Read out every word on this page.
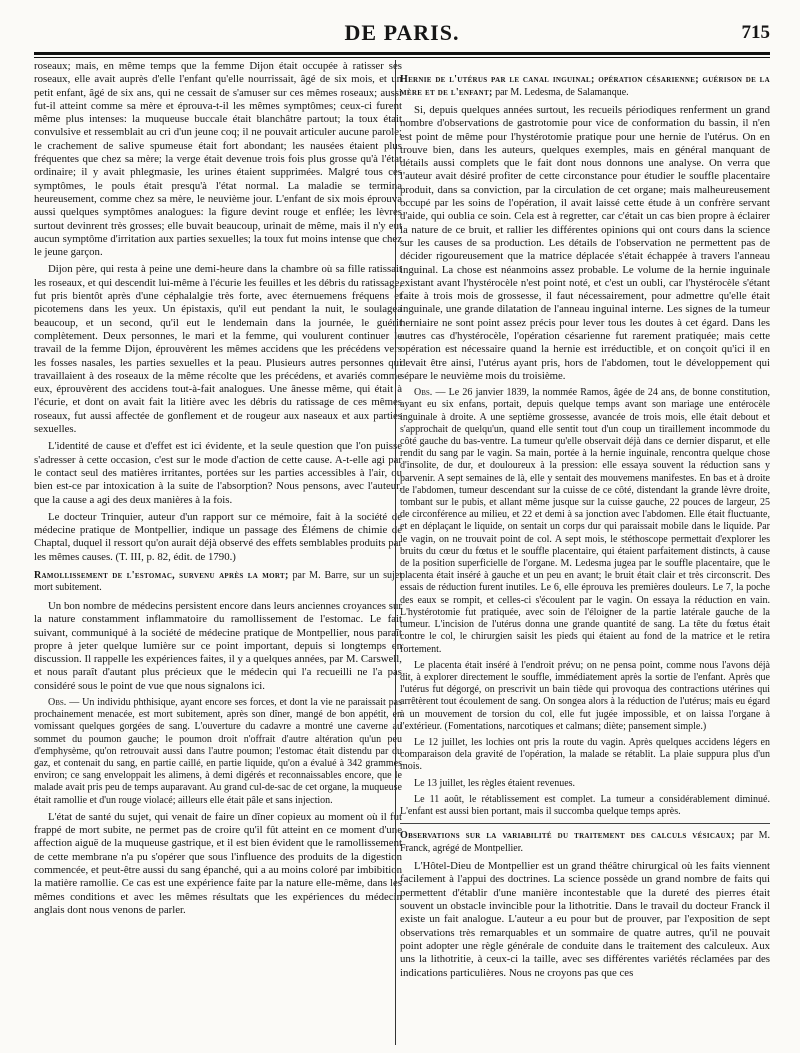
DE PARIS.	715

roseaux; mais, en même temps que la femme Dijon était occupée à ratisser ses roseaux, elle avait auprès d'elle l'enfant qu'elle nourrissait, âgé de six mois, et un petit enfant, âgé de six ans, qui ne cessait de s'amuser sur ces mêmes roseaux; aussi fut-il atteint comme sa mère et éprouva-t-il les mêmes symptômes; ceux-ci furent même plus intenses: la muqueuse buccale était blanchâtre partout; la toux était convulsive et ressemblait au cri d'un jeune coq; il ne pouvait articuler aucune parole; le crachement de salive spumeuse était fort abondant; les nausées étaient plus fréquentes que chez sa mère; la verge était devenue trois fois plus grosse qu'à l'état ordinaire; il y avait phlegmasie, les urines étaient supprimées. Malgré tous ces symptômes, le pouls était presqu'à l'état normal. La maladie se termina heureusement, comme chez sa mère, le neuvième jour. L'enfant de six mois éprouva aussi quelques symptômes analogues: la figure devint rouge et enflée; les lèvres surtout devinrent très grosses; elle buvait beaucoup, urinait de même, mais il n'y eut aucun symptôme d'irritation aux parties sexuelles; la toux fut moins intense que chez le jeune garçon.

Dijon père, qui resta à peine une demi-heure dans la chambre où sa fille ratissait les roseaux, et qui descendit lui-même à l'écurie les feuilles et les débris du ratissage, fut pris bientôt après d'une céphalalgie très forte, avec éternuemens fréquens et picotemens dans les yeux. Un épistaxis, qu'il eut pendant la nuit, le soulagea beaucoup, et un second, qu'il eut le lendemain dans la journée, le guérit complètement. Deux personnes, le mari et la femme, qui voulurent continuer le travail de la femme Dijon, éprouvèrent les mêmes accidens que les précédens vers les fosses nasales, les parties sexuelles et la peau. Plusieurs autres personnes qui travaillaient à des roseaux de la même récolte que les précédens, et avariés comme eux, éprouvèrent des accidens tout-à-fait analogues. Une ânesse même, qui était à l'écurie, et dont on avait fait la litière avec les débris du ratissage de ces mêmes roseaux, fut aussi affectée de gonflement et de rougeur aux naseaux et aux parties sexuelles.

L'identité de cause et d'effet est ici évidente, et la seule question que l'on puisse s'adresser à cette occasion, c'est sur le mode d'action de cette cause. A-t-elle agi par le contact seul des matières irritantes, portées sur les parties accessibles à l'air, ou bien est-ce par intoxication à la suite de l'absorption? Nous pensons, avec l'auteur, que la cause a agi des deux manières à la fois.

Le docteur Trinquier, auteur d'un rapport sur ce mémoire, fait à la société de médecine pratique de Montpellier, indique un passage des Élémens de chimie de Chaptal, duquel il ressort qu'on aurait déjà observé des effets semblables produits par les mêmes causes. (T. III, p. 82, édit. de 1790.)

Ramollissement de l'estomac, survenu après la mort; par M. Barre, sur un sujet mort subitement.

Un bon nombre de médecins persistent encore dans leurs anciennes croyances sur la nature constamment inflammatoire du ramollissement de l'estomac. Le fait suivant, communiqué à la société de médecine pratique de Montpellier, nous paraît propre à jeter quelque lumière sur ce point important, depuis si longtemps en discussion. Il rappelle les expériences faites, il y a quelques années, par M. Carswell, et nous paraît d'autant plus précieux que le médecin qui l'a recueilli ne l'a pas considéré sous le point de vue que nous signalons ici.

Obs. — Un individu phthisique, ayant encore ses forces, et dont la vie ne paraissait pas prochainement menacée, est mort subitement, après son dîner, mangé de bon appétit, en vomissant quelques gorgées de sang. L'ouverture du cadavre a montré une caverne au sommet du poumon gauche; le poumon droit n'offrait d'autre altération qu'un peu d'emphysème, qu'on retrouvait aussi dans l'autre poumon; l'estomac était distendu par du gaz, et contenait du sang, en partie caillé, en partie liquide, qu'on a évalué à 342 grammes environ; ce sang enveloppait les alimens, à demi digérés et reconnaissables encore, que le malade avait pris peu de temps auparavant. Au grand cul-de-sac de cet organe, la muqueuse était ramollie et d'un rouge violacé; ailleurs elle était pâle et sans injection.

L'état de santé du sujet, qui venait de faire un dîner copieux au moment où il fut frappé de mort subite, ne permet pas de croire qu'il fût atteint en ce moment d'une affection aiguë de la muqueuse gastrique, et il est bien évident que le ramollissement de cette membrane n'a pu s'opérer que sous l'influence des produits de la digestion commencée, et peut-être aussi du sang épanché, qui a au moins coloré par imbibition la matière ramollie. Ce cas est une expérience faite par la nature elle-même, dans les mêmes conditions et avec les mêmes résultats que les expériences du médecin anglais dont nous venons de parler.

Hernie de l'utérus par le canal inguinal; opération césarienne; guérison de la mère et de l'enfant; par M. Ledesma, de Salamanque.

Si, depuis quelques années surtout, les recueils périodiques renferment un grand nombre d'observations de gastrotomie pour vice de conformation du bassin, il n'en est point de même pour l'hystérotomie pratique pour une hernie de l'utérus. On en trouve bien, dans les auteurs, quelques exemples, mais en général manquant de détails aussi complets que le fait dont nous donnons une analyse. On verra que l'auteur avait désiré profiter de cette circonstance pour étudier le souffle placentaire produit, dans sa conviction, par la circulation de cet organe; mais malheureusement occupé par les soins de l'opération, il avait laissé cette étude à un confrère servant d'aide, qui oublia ce soin. Cela est à regretter, car c'était un cas bien propre à éclairer la nature de ce bruit, et rallier les différentes opinions qui ont cours dans la science sur les causes de sa production. Les détails de l'observation ne permettent pas de décider rigoureusement que la matrice déplacée s'était échappée à travers l'anneau inguinal. La chose est néanmoins assez probable. Le volume de la hernie inguinale existant avant l'hystérocèle n'est point noté, et c'est un oubli, car l'hystérocèle s'étant faite à trois mois de grossesse, il faut nécessairement, pour admettre qu'elle était inguinale, une grande dilatation de l'anneau inguinal interne. Les signes de la tumeur herniaire ne sont point assez précis pour lever tous les doutes à cet égard. Dans les autres cas d'hystérocèle, l'opération césarienne fut rarement pratiquée; mais cette opération est nécessaire quand la hernie est irréductible, et on conçoit qu'ici il en devait être ainsi, l'utérus ayant pris, hors de l'abdomen, tout le développement qui sépare le neuvième mois du troisième.

Obs. — Le 26 janvier 1839, la nommée Ramos, âgée de 24 ans, de bonne constitution, ayant eu six enfans, portait, depuis quelque temps avant son mariage une entérocèle inguinale à droite. A une septième grossesse, avancée de trois mois, elle était debout et s'approchait de quelqu'un, quand elle sentit tout d'un coup un tiraillement incommode du côté gauche du bas-ventre. La tumeur qu'elle observait déjà dans ce dernier disparut, et elle rendit du sang par le vagin. Sa main, portée à la hernie inguinale, rencontra quelque chose d'insolite, de dur, et douloureux à la pression: elle essaya souvent la réduction sans y parvenir. A sept semaines de là, elle y sentait des mouvemens manifestes. En bas et à droite de l'abdomen, tumeur descendant sur la cuisse de ce côté, distendant la grande lèvre droite, tombant sur le pubis, et allant même jusque sur la cuisse gauche, 22 pouces de largeur, 25 de circonférence au milieu, et 22 et demi à sa jonction avec l'abdomen. Elle était fluctuante, et en déplaçant le liquide, on sentait un corps dur qui paraissait mobile dans le liquide. Par le vagin, on ne trouvait point de col. A sept mois, le stéthoscope permettait d'explorer les bruits du cœur du fœtus et le souffle placentaire, qui étaient parfaitement distincts, à cause de la position superficielle de l'organe. M. Ledesma jugea par le souffle placentaire, que le placenta était inséré à gauche et un peu en avant; le bruit était clair et très circonscrit. Des essais de réduction furent inutiles. Le 6, elle éprouva les premières douleurs. Le 7, la poche des eaux se rompit, et celles-ci s'écoulent par le vagin. On essaya la réduction en vain. L'hystérotomie fut pratiquée, avec soin de l'éloigner de la partie latérale gauche de la tumeur. L'incision de l'utérus donna une grande quantité de sang. La tête du fœtus était contre le col, le chirurgien saisit les pieds qui étaient au fond de la matrice et le retira fortement.

Le placenta était inséré à l'endroit prévu; on ne pensa point, comme nous l'avons déjà dit, à explorer directement le souffle, immédiatement après la sortie de l'enfant. Après que l'utérus fut dégorgé, on prescrivit un bain tiède qui provoqua des contractions utérines qui arrêtèrent tout écoulement de sang. On songea alors à la réduction de l'utérus; mais eu égard à un mouvement de torsion du col, elle fut jugée impossible, et on laissa l'organe à l'extérieur. (Fomentations, narcotiques et calmans; diète; pansement simple.)

Le 12 juillet, les lochies ont pris la route du vagin. Après quelques accidens légers en comparaison dela gravité de l'opération, la malade se rétablit. La plaie suppura plus d'un mois.

Le 13 juillet, les règles étaient revenues.

Le 11 août, le rétablissement est complet. La tumeur a considérablement diminué. L'enfant est aussi bien portant, mais il succomba quelque temps après.

Observations sur la variabilité du traitement des calculs vésicaux; par M. Franck, agrégé de Montpellier.

L'Hôtel-Dieu de Montpellier est un grand théâtre chirurgical où les faits viennent facilement à l'appui des doctrines. La science possède un grand nombre de faits qui permettent d'établir d'une manière incontestable que la dureté des pierres était souvent un obstacle invincible pour la lithotritie. Dans le travail du docteur Franck il existe un fait analogue. L'auteur a eu pour but de prouver, par l'exposition de sept observations très remarquables et un sommaire de quatre autres, qu'il ne pouvait point adopter une règle générale de conduite dans le traitement des calculeux. Aux uns la lithotritie, à ceux-ci la taille, avec ses différentes variétés réclamées par des indications particulières. Nous ne croyons pas que ces
